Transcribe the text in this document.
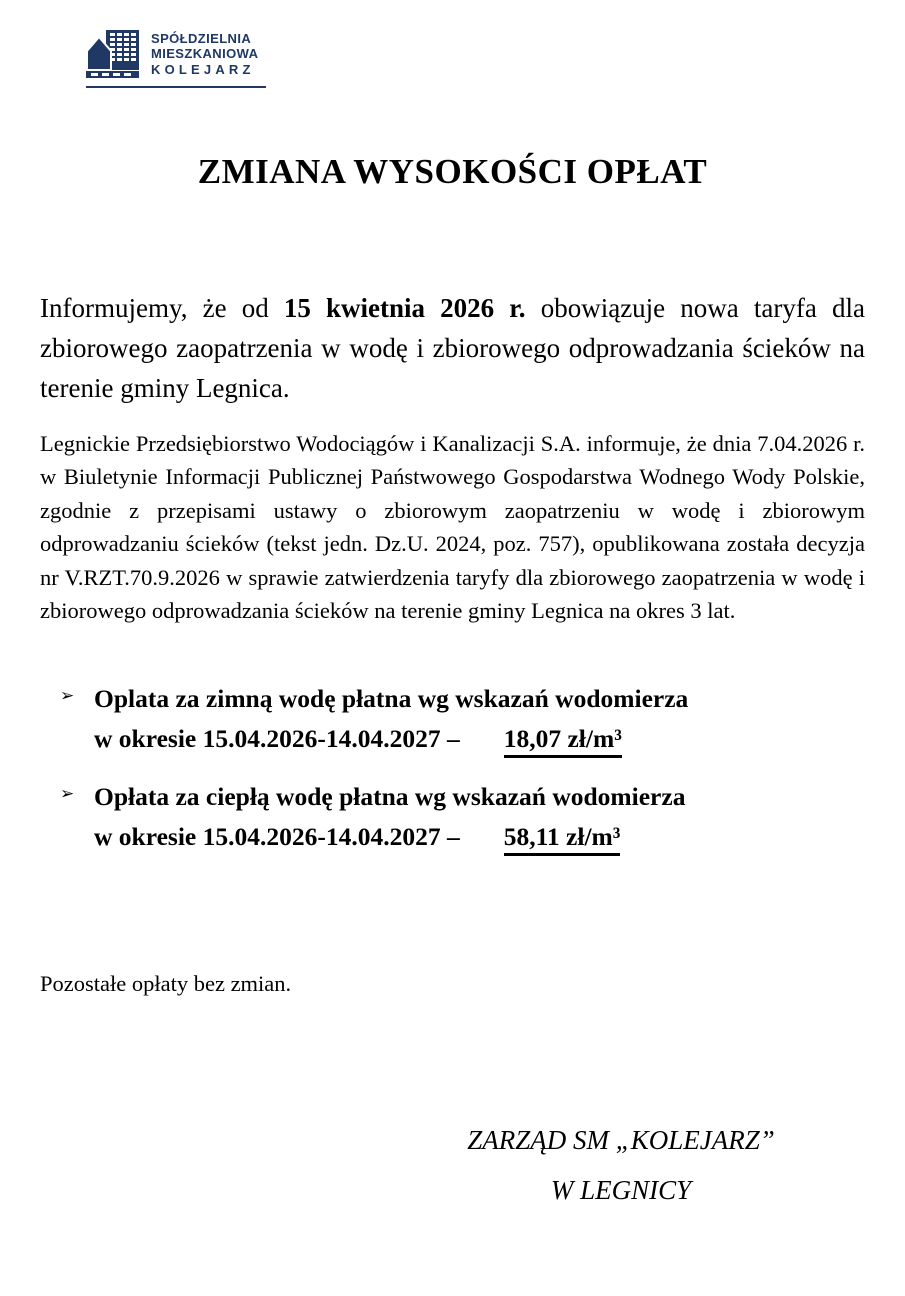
SPÓŁDZIELNIA
MIESZKANIOWA
KOLEJARZ
ZMIANA WYSOKOŚCI OPŁAT

Informujemy, że od 15 kwietnia 2026 r. obowiązuje nowa taryfa dla zbiorowego zaopatrzenia w wodę i zbiorowego odprowadzania ścieków na terenie gminy Legnica.

Legnickie Przedsiębiorstwo Wodociągów i Kanalizacji S.A. informuje, że dnia 7.04.2026 r. w Biuletynie Informacji Publicznej Państwowego Gospodarstwa Wodnego Wody Polskie, zgodnie z przepisami ustawy o zbiorowym zaopatrzeniu w wodę i zbiorowym odprowadzaniu ścieków (tekst jedn. Dz.U. 2024, poz. 757), opublikowana została decyzja nr V.RZT.70.9.2026 w sprawie zatwierdzenia taryfy dla zbiorowego zaopatrzenia w wodę i zbiorowego odprowadzania ścieków na terenie gminy Legnica na okres 3 lat.

➢ Oplata za zimną wodę płatna wg wskazań wodomierza
w okresie 15.04.2026-14.04.2027 – 18,07 zł/m³
➢ Opłata za ciepłą wodę płatna wg wskazań wodomierza
w okresie 15.04.2026-14.04.2027 – 58,11 zł/m³

Pozostałe opłaty bez zmian.

ZARZĄD SM „KOLEJARZ”
W LEGNICY
